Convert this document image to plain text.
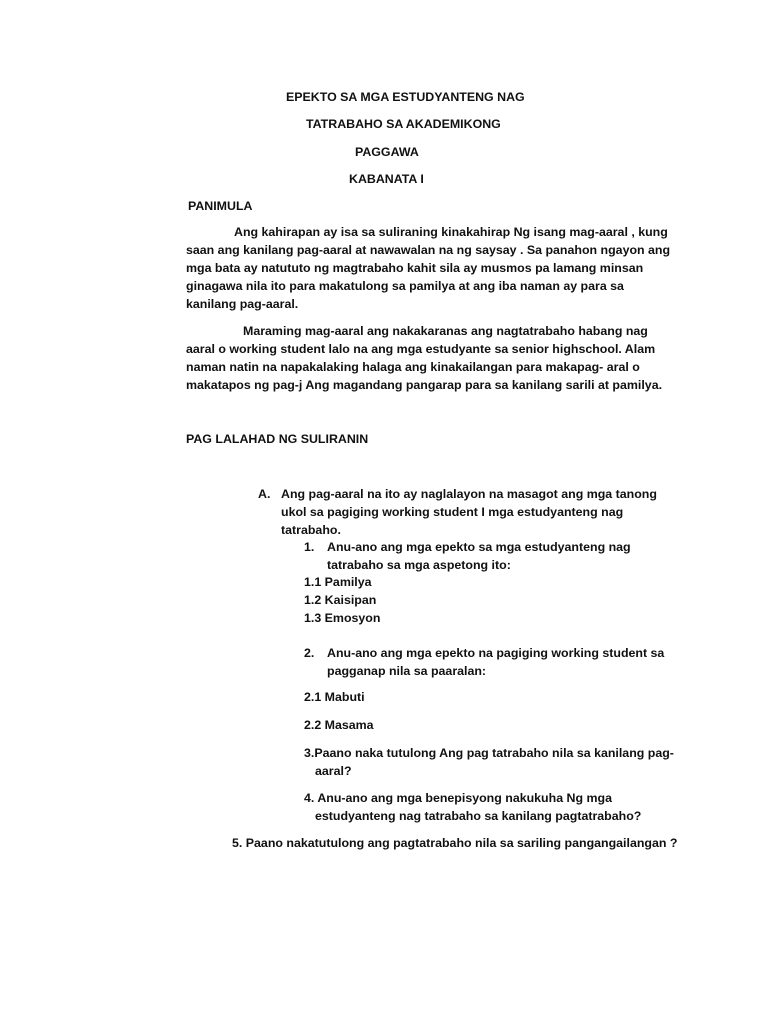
EPEKTO SA MGA ESTUDYANTENG NAG
TATRABAHO SA AKADEMIKONG
PAGGAWA
KABANATA I
PANIMULA
Ang kahirapan ay isa sa suliraning kinakahirap Ng isang mag-aaral , kung
saan ang kanilang pag-aaral at nawawalan na ng saysay . Sa panahon ngayon ang
mga bata ay natututo ng magtrabaho kahit sila ay musmos pa lamang minsan
ginagawa nila ito para makatulong sa pamilya at ang iba naman ay para sa
kanilang pag-aaral.
Maraming mag-aaral ang nakakaranas ang nagtatrabaho habang nag
aaral o working student lalo na ang mga estudyante sa senior highschool. Alam
naman natin na napakalaking halaga ang kinakailangan para makapag- aral o
makatapos ng pag-j Ang magandang pangarap para sa kanilang sarili at pamilya.
PAG LALAHAD NG SULIRANIN
A. Ang pag-aaral na ito ay naglalayon na masagot ang mga tanong
ukol sa pagiging working student I mga estudyanteng nag
tatrabaho.
1. Anu-ano ang mga epekto sa mga estudyanteng nag
tatrabaho sa mga aspetong ito:
1.1 Pamilya
1.2 Kaisipan
1.3 Emosyon
2. Anu-ano ang mga epekto na pagiging working student sa
pagganap nila sa paaralan:
2.1 Mabuti
2.2 Masama
3.Paano naka tutulong Ang pag tatrabaho nila sa kanilang pag-
aaral?
4. Anu-ano ang mga benepisyong nakukuha Ng mga
estudyanteng nag tatrabaho sa kanilang pagtatrabaho?
5. Paano nakatutulong ang pagtatrabaho nila sa sariling pangangailangan ?
